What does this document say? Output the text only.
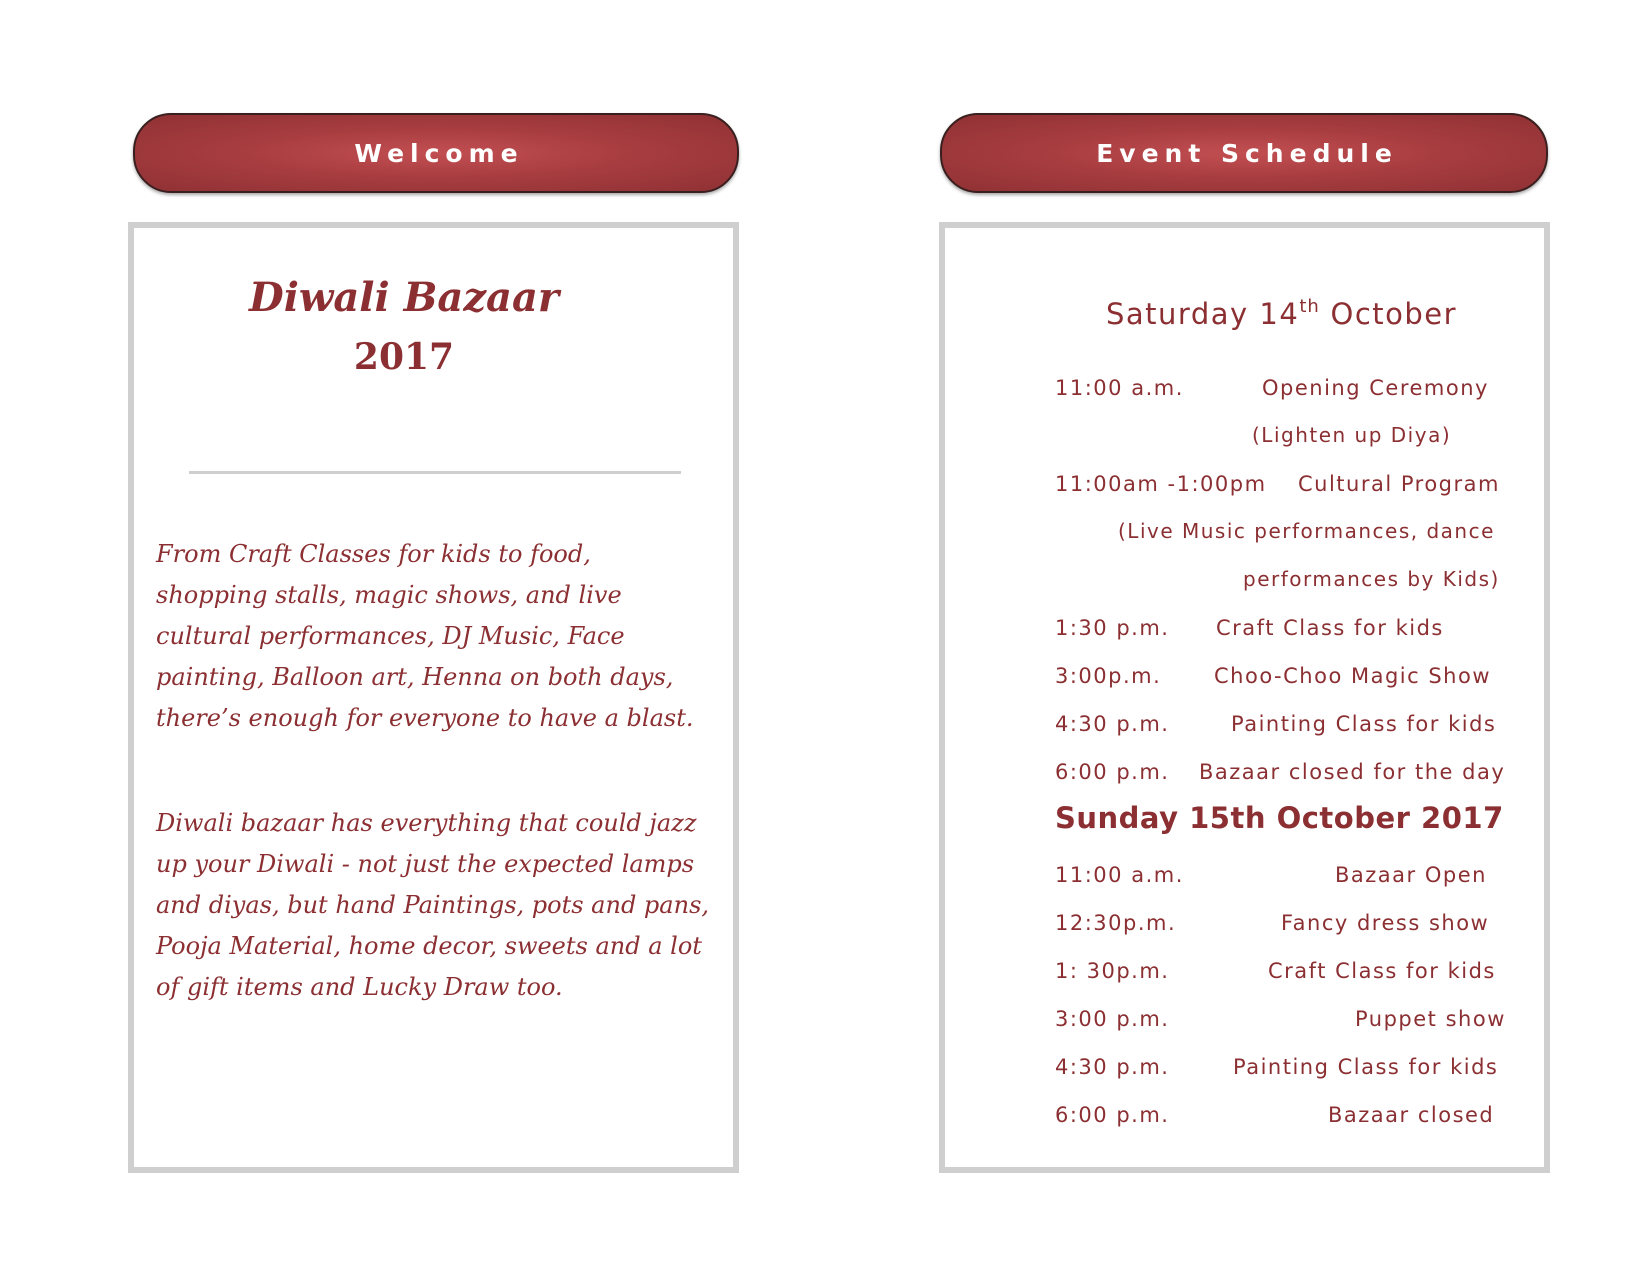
Welcome	Event Schedule
Diwali Bazaar
2017

From Craft Classes for kids to food, shopping stalls, magic shows, and live cultural performances, DJ Music, Face painting, Balloon art, Henna on both days, there’s enough for everyone to have a blast.

Diwali bazaar has everything that could jazz up your Diwali - not just the expected lamps and diyas, but hand Paintings, pots and pans, Pooja Material, home decor, sweets and a lot of gift items and Lucky Draw too.

Saturday 14th October
11:00 a.m.	Opening Ceremony
(Lighten up Diya)
11:00am -1:00pm Cultural Program
(Live Music performances, dance
performances by Kids)
1:30 p.m. Craft Class for kids
3:00p.m.	Choo-Choo Magic Show
4:30 p.m.	Painting Class for kids
6:00 p.m. Bazaar closed for the day
Sunday 15th October 2017
11:00 a.m.	Bazaar Open
12:30p.m.	Fancy dress show
1: 30p.m.	Craft Class for kids
3:00 p.m.	Puppet show
4:30 p.m.	Painting Class for kids
6:00 p.m.	Bazaar closed
